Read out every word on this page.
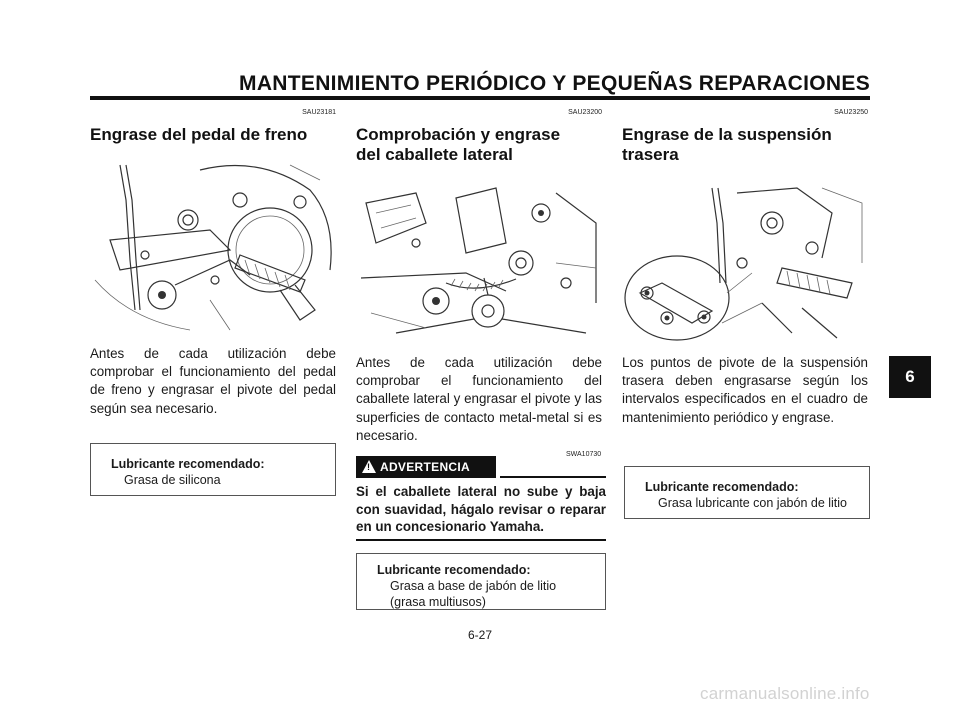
MANTENIMIENTO PERIÓDICO Y PEQUEÑAS REPARACIONES
SAU23181
Engrase del pedal de freno
Antes de cada utilización debe comprobar el funcionamiento del pedal de freno y engrasar el pivote del pedal según sea necesario.
Lubricante recomendado:
Grasa de silicona
SAU23200
Comprobación y engrase del caballete lateral
Antes de cada utilización debe comprobar el funcionamiento del caballete lateral y engrasar el pivote y las superficies de contacto metal-metal si es necesario.
SWA10730
! ADVERTENCIA
Si el caballete lateral no sube y baja con suavidad, hágalo revisar o reparar en un concesionario Yamaha.
Lubricante recomendado:
Grasa a base de jabón de litio
(grasa multiusos)
SAU23250
Engrase de la suspensión trasera
Los puntos de pivote de la suspensión trasera deben engrasarse según los intervalos especificados en el cuadro de mantenimiento periódico y engrase.
Lubricante recomendado:
Grasa lubricante con jabón de litio
6-27
6
carmanualsonline.info
